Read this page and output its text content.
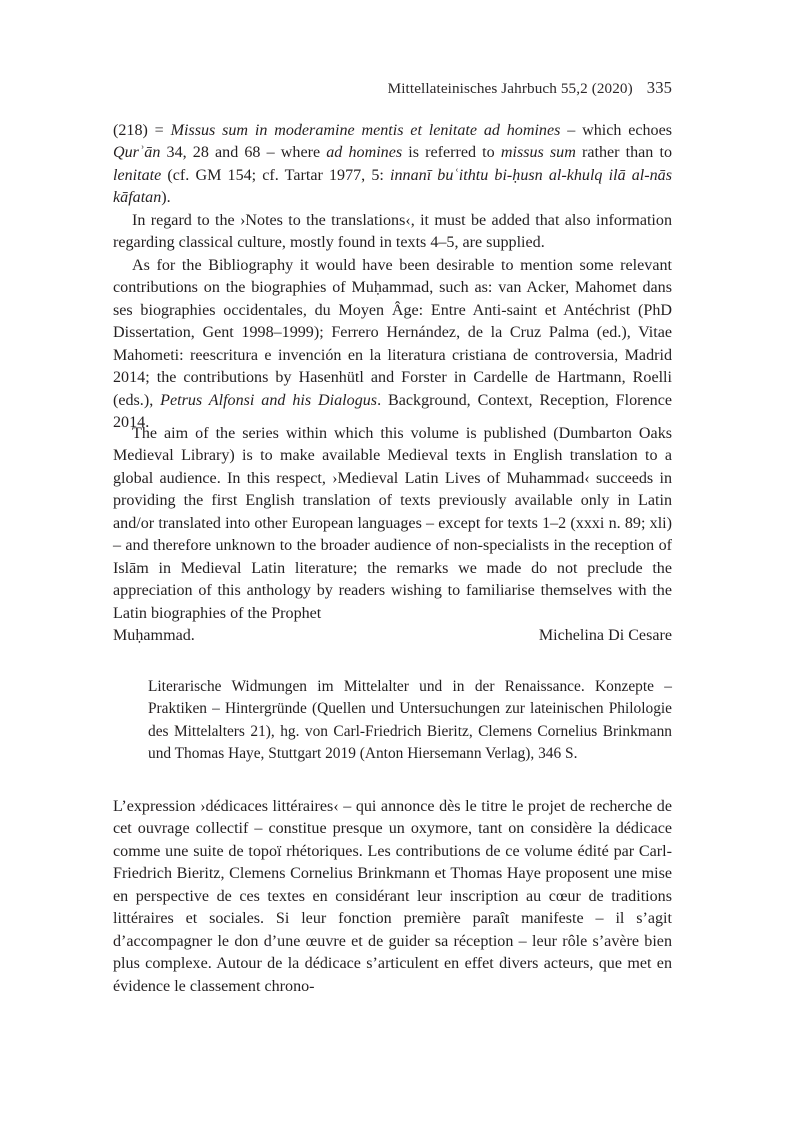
Mittellateinisches Jahrbuch 55,2 (2020) 335

(218) = Missus sum in moderamine mentis et lenitate ad homines – which echoes Qurʾān 34, 28 and 68 – where ad homines is referred to missus sum rather than to lenitate (cf. GM 154; cf. Tartar 1977, 5: innanī buʿithtu bi-ḥusn al-khulq ilā al-nās kāfatan).

In regard to the ›Notes to the translations‹, it must be added that also information regarding classical culture, mostly found in texts 4–5, are supplied.

As for the Bibliography it would have been desirable to mention some relevant contributions on the biographies of Muḥammad, such as: van Acker, Mahomet dans ses biographies occidentales, du Moyen Âge: Entre Anti-saint et Antéchrist (PhD Dissertation, Gent 1998–1999); Ferrero Hernández, de la Cruz Palma (ed.), Vitae Mahometi: reescritura e invención en la literatura cristiana de controversia, Madrid 2014; the contributions by Hasenhütl and Forster in Cardelle de Hartmann, Roelli (eds.), Petrus Alfonsi and his Dialogus. Background, Context, Reception, Florence 2014.

The aim of the series within which this volume is published (Dumbarton Oaks Medieval Library) is to make available Medieval texts in English translation to a global audience. In this respect, ›Medieval Latin Lives of Muhammad‹ succeeds in providing the first English translation of texts previously available only in Latin and/or translated into other European languages – except for texts 1–2 (xxxi n. 89; xli) – and therefore unknown to the broader audience of non-specialists in the reception of Islām in Medieval Latin literature; the remarks we made do not preclude the appreciation of this anthology by readers wishing to familiarise themselves with the Latin biographies of the Prophet

Muḥammad.	Michelina Di Cesare

Literarische Widmungen im Mittelalter und in der Renaissance. Konzepte – Praktiken – Hintergründe (Quellen und Untersuchungen zur lateinischen Philologie des Mittelalters 21), hg. von Carl-Friedrich Bieritz, Clemens Cornelius Brinkmann und Thomas Haye, Stuttgart 2019 (Anton Hiersemann Verlag), 346 S.

L’expression ›dédicaces littéraires‹ – qui annonce dès le titre le projet de recherche de cet ouvrage collectif – constitue presque un oxymore, tant on considère la dédicace comme une suite de topoï rhétoriques. Les contributions de ce volume édité par Carl-Friedrich Bieritz, Clemens Cornelius Brinkmann et Thomas Haye proposent une mise en perspective de ces textes en considérant leur inscription au cœur de traditions littéraires et sociales. Si leur fonction première paraît manifeste – il s’agit d’accompagner le don d’une œuvre et de guider sa réception – leur rôle s’avère bien plus complexe. Autour de la dédicace s’articulent en effet divers acteurs, que met en évidence le classement chrono-
